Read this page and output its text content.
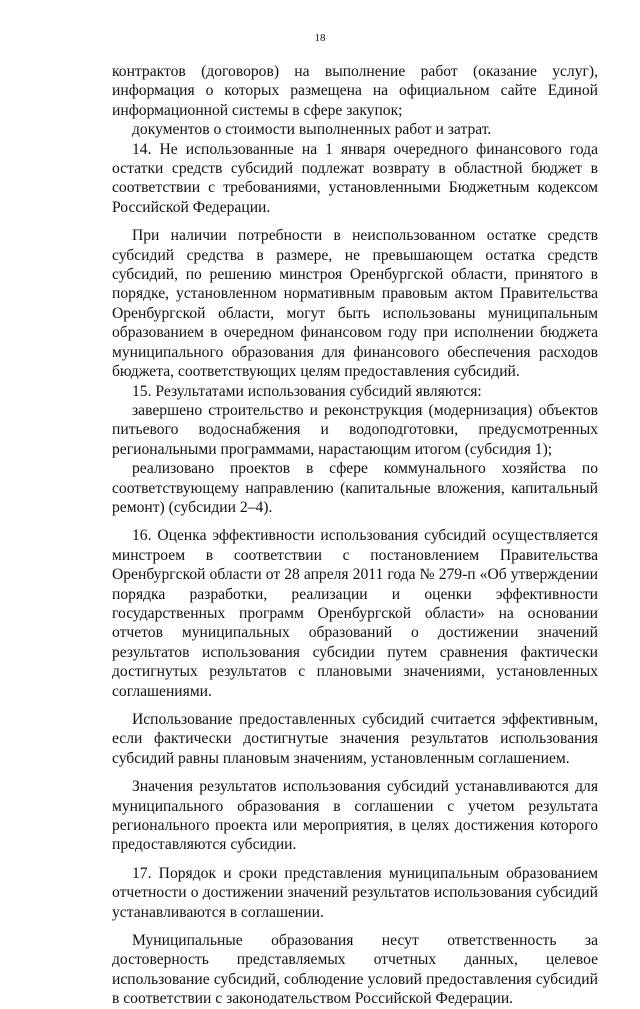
18

контрактов (договоров) на выполнение работ (оказание услуг), информация о которых размещена на официальном сайте Единой информационной системы в сфере закупок;

документов о стоимости выполненных работ и затрат.

14. Не использованные на 1 января очередного финансового года остатки средств субсидий подлежат возврату в областной бюджет в соответствии с требованиями, установленными Бюджетным кодексом Российской Федерации.

При наличии потребности в неиспользованном остатке средств субсидий средства в размере, не превышающем остатка средств субсидий, по решению минстроя Оренбургской области, принятого в порядке, установленном нормативным правовым актом Правительства Оренбургской области, могут быть использованы муниципальным образованием в очередном финансовом году при исполнении бюджета муниципального образования для финансового обеспечения расходов бюджета, соответствующих целям предоставления субсидий.

15. Результатами использования субсидий являются:

завершено строительство и реконструкция (модернизация) объектов питьевого водоснабжения и водоподготовки, предусмотренных региональными программами, нарастающим итогом (субсидия 1);

реализовано проектов в сфере коммунального хозяйства по соответствующему направлению (капитальные вложения, капитальный ремонт) (субсидии 2–4).

16. Оценка эффективности использования субсидий осуществляется минстроем в соответствии с постановлением Правительства Оренбургской области от 28 апреля 2011 года № 279-п «Об утверждении порядка разработки, реализации и оценки эффективности государственных программ Оренбургской области» на основании отчетов муниципальных образований о достижении значений результатов использования субсидии путем сравнения фактически достигнутых результатов с плановыми значениями, установленных соглашениями.

Использование предоставленных субсидий считается эффективным, если фактически достигнутые значения результатов использования субсидий равны плановым значениям, установленным соглашением.

Значения результатов использования субсидий устанавливаются для муниципального образования в соглашении с учетом результата регионального проекта или мероприятия, в целях достижения которого предоставляются субсидии.

17. Порядок и сроки представления муниципальным образованием отчетности о достижении значений результатов использования субсидий устанавливаются в соглашении.

Муниципальные образования несут ответственность за достоверность представляемых отчетных данных, целевое использование субсидий, соблюдение условий предоставления субсидий в соответствии с законодательством Российской Федерации.
